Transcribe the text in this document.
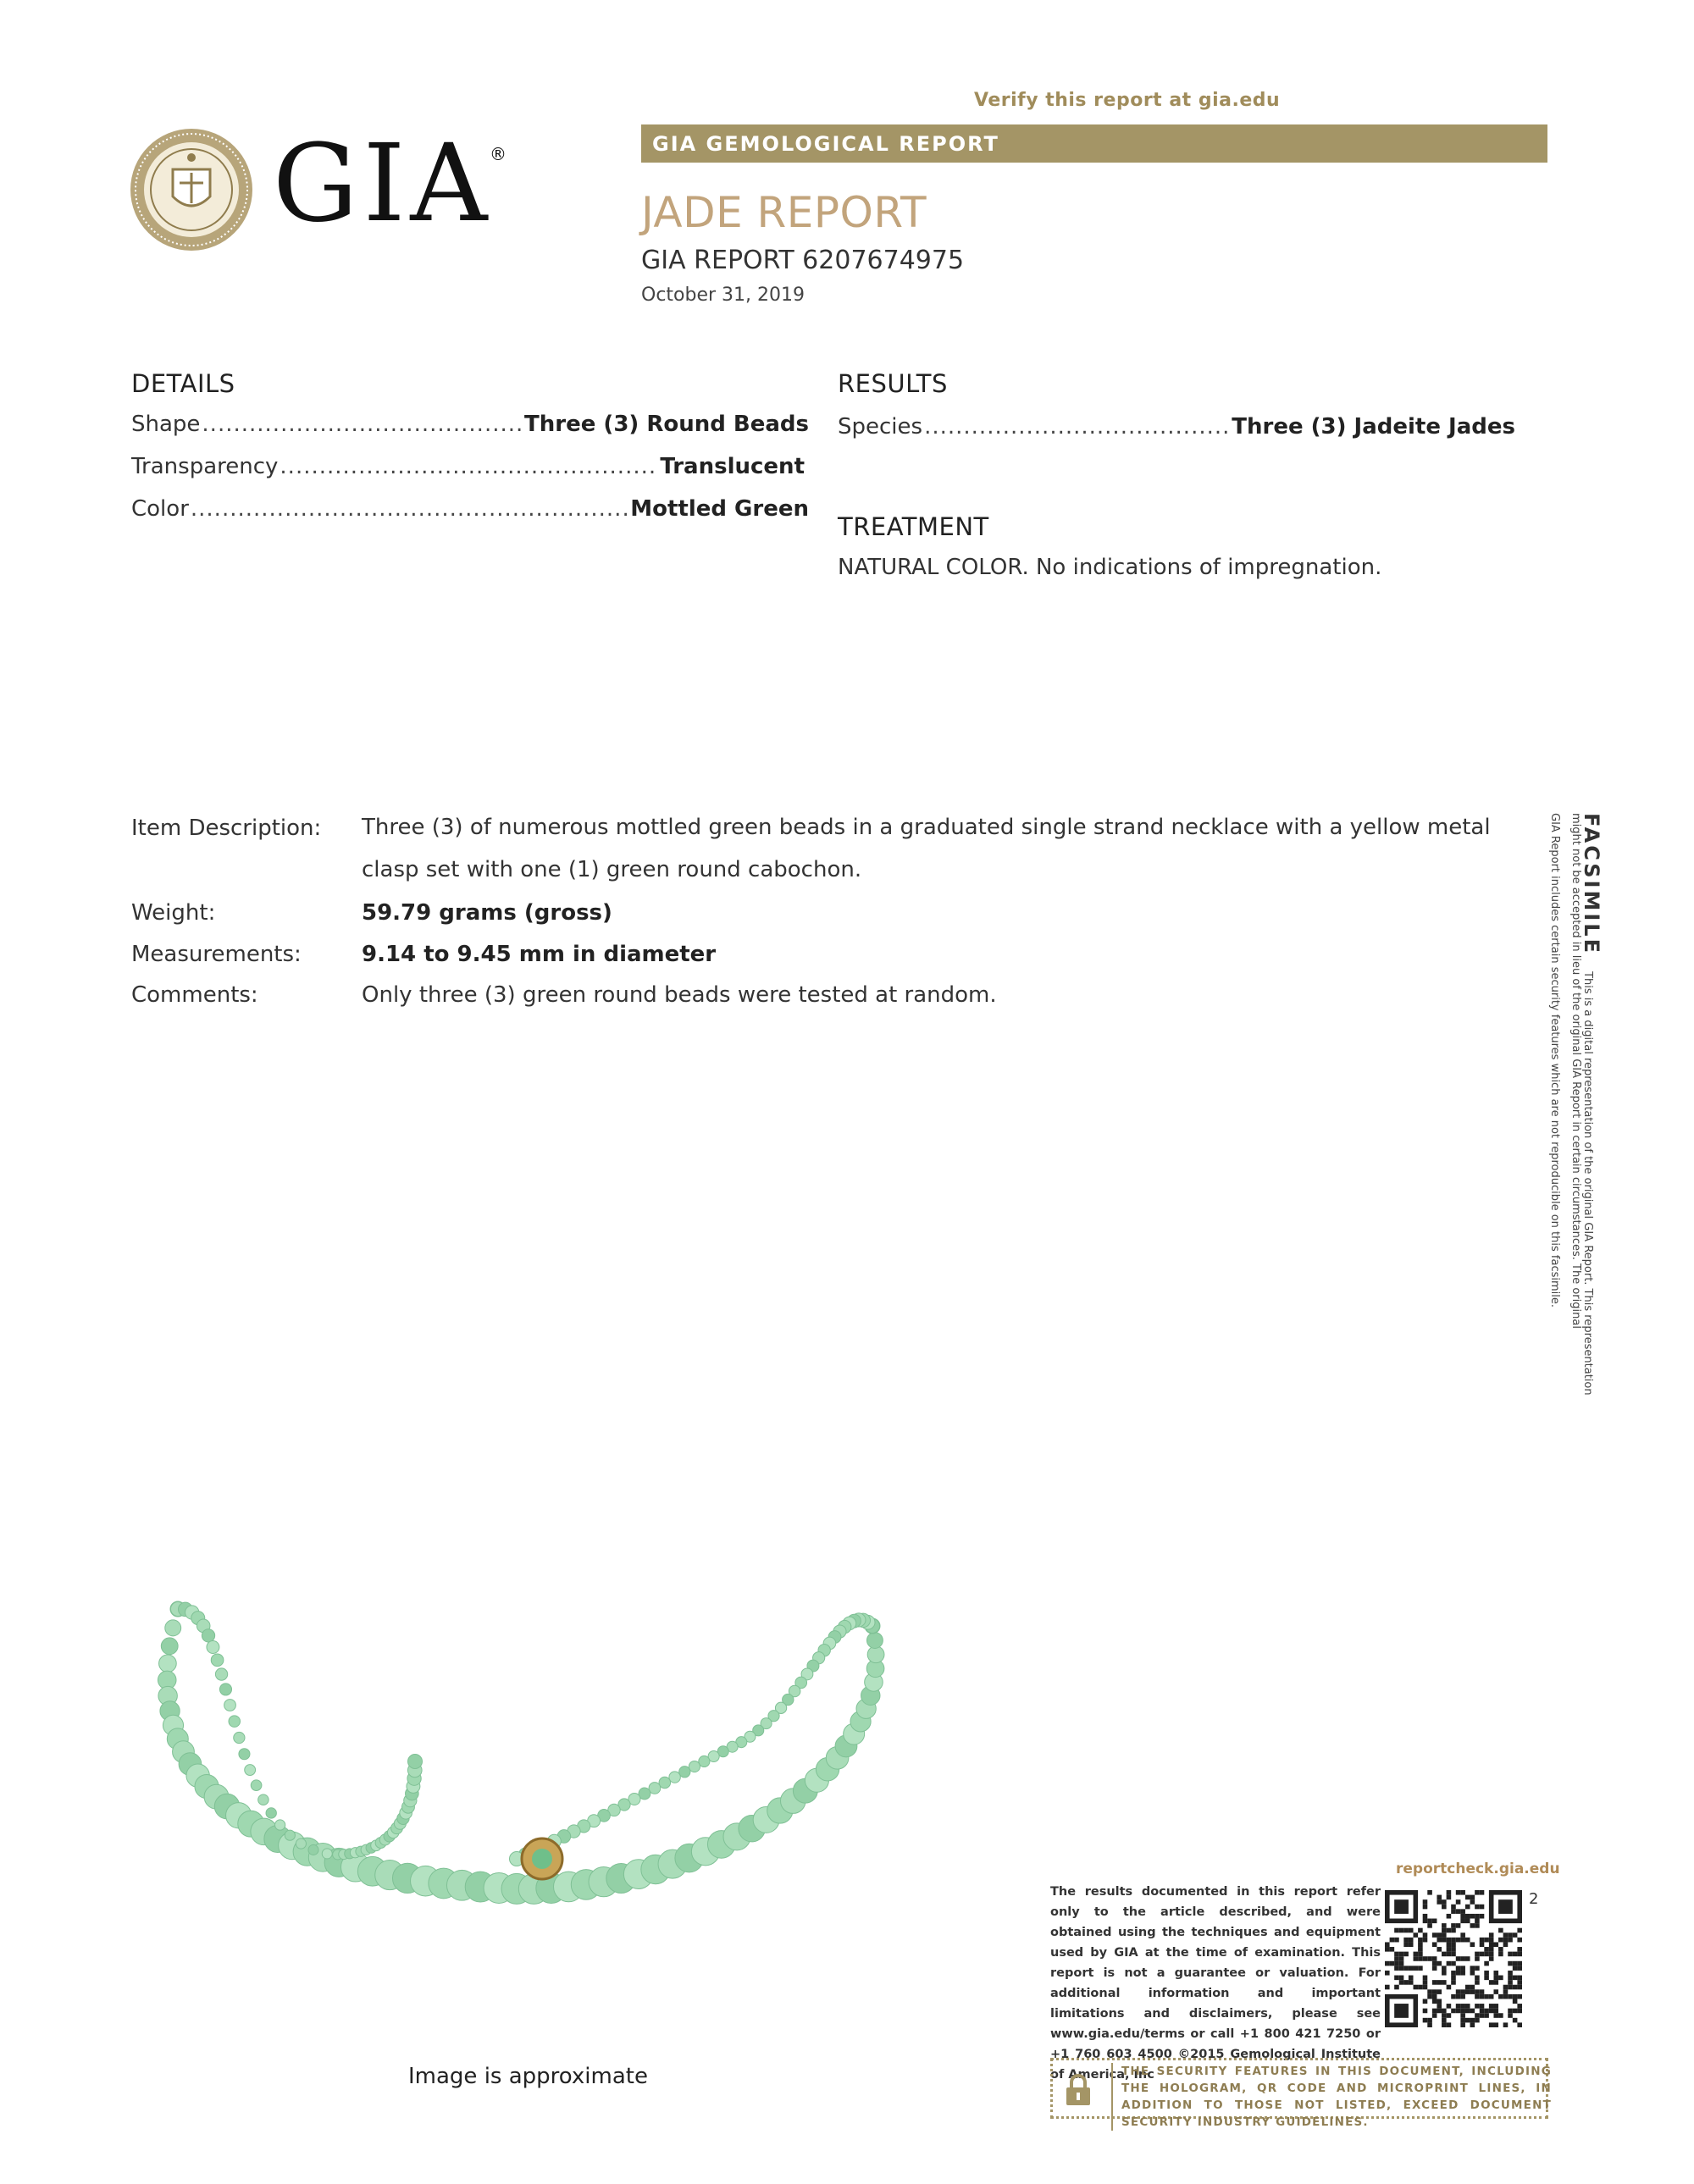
GIA
®
Verify this report at gia.edu
GIA GEMOLOGICAL REPORT
JADE REPORT
GIA REPORT 6207674975
October 31, 2019
DETAILS
Shape .....	Three (3) Round Beads
Transparency .....	Translucent
Color .....	Mottled Green
RESULTS
Species .....	Three (3) Jadeite Jades
TREATMENT
NATURAL COLOR. No indications of impregnation.
Item Description: Three (3) of numerous mottled green beads in a graduated single strand necklace with a yellow metal clasp set with one (1) green round cabochon.
Weight:	59.79 grams (gross)
Measurements:	9.14 to 9.45 mm in diameter
Comments:	Only three (3) green round beads were tested at random.
FACSIMILE This is a digital representation of the original GIA Report. This representation
might not be accepted in lieu of the original GIA Report in certain circumstances. The original
GIA Report includes certain security features which are not reproducible on this facsimile.
Image is approximate
reportcheck.gia.edu
The results documented in this report refer only to the article described, and were obtained using the techniques and equipment used by GIA at the time of examination. This report is not a guarantee or valuation. For additional information and important limitations and disclaimers, please see www.gia.edu/terms or call +1 800 421 7250 or +1 760 603 4500 ©2015 Gemological Institute of America, Inc
2
THE SECURITY FEATURES IN THIS DOCUMENT, INCLUDING THE HOLOGRAM, QR CODE AND MICROPRINT LINES, IN ADDITION TO THOSE NOT LISTED, EXCEED DOCUMENT SECURITY INDUSTRY GUIDELINES.
